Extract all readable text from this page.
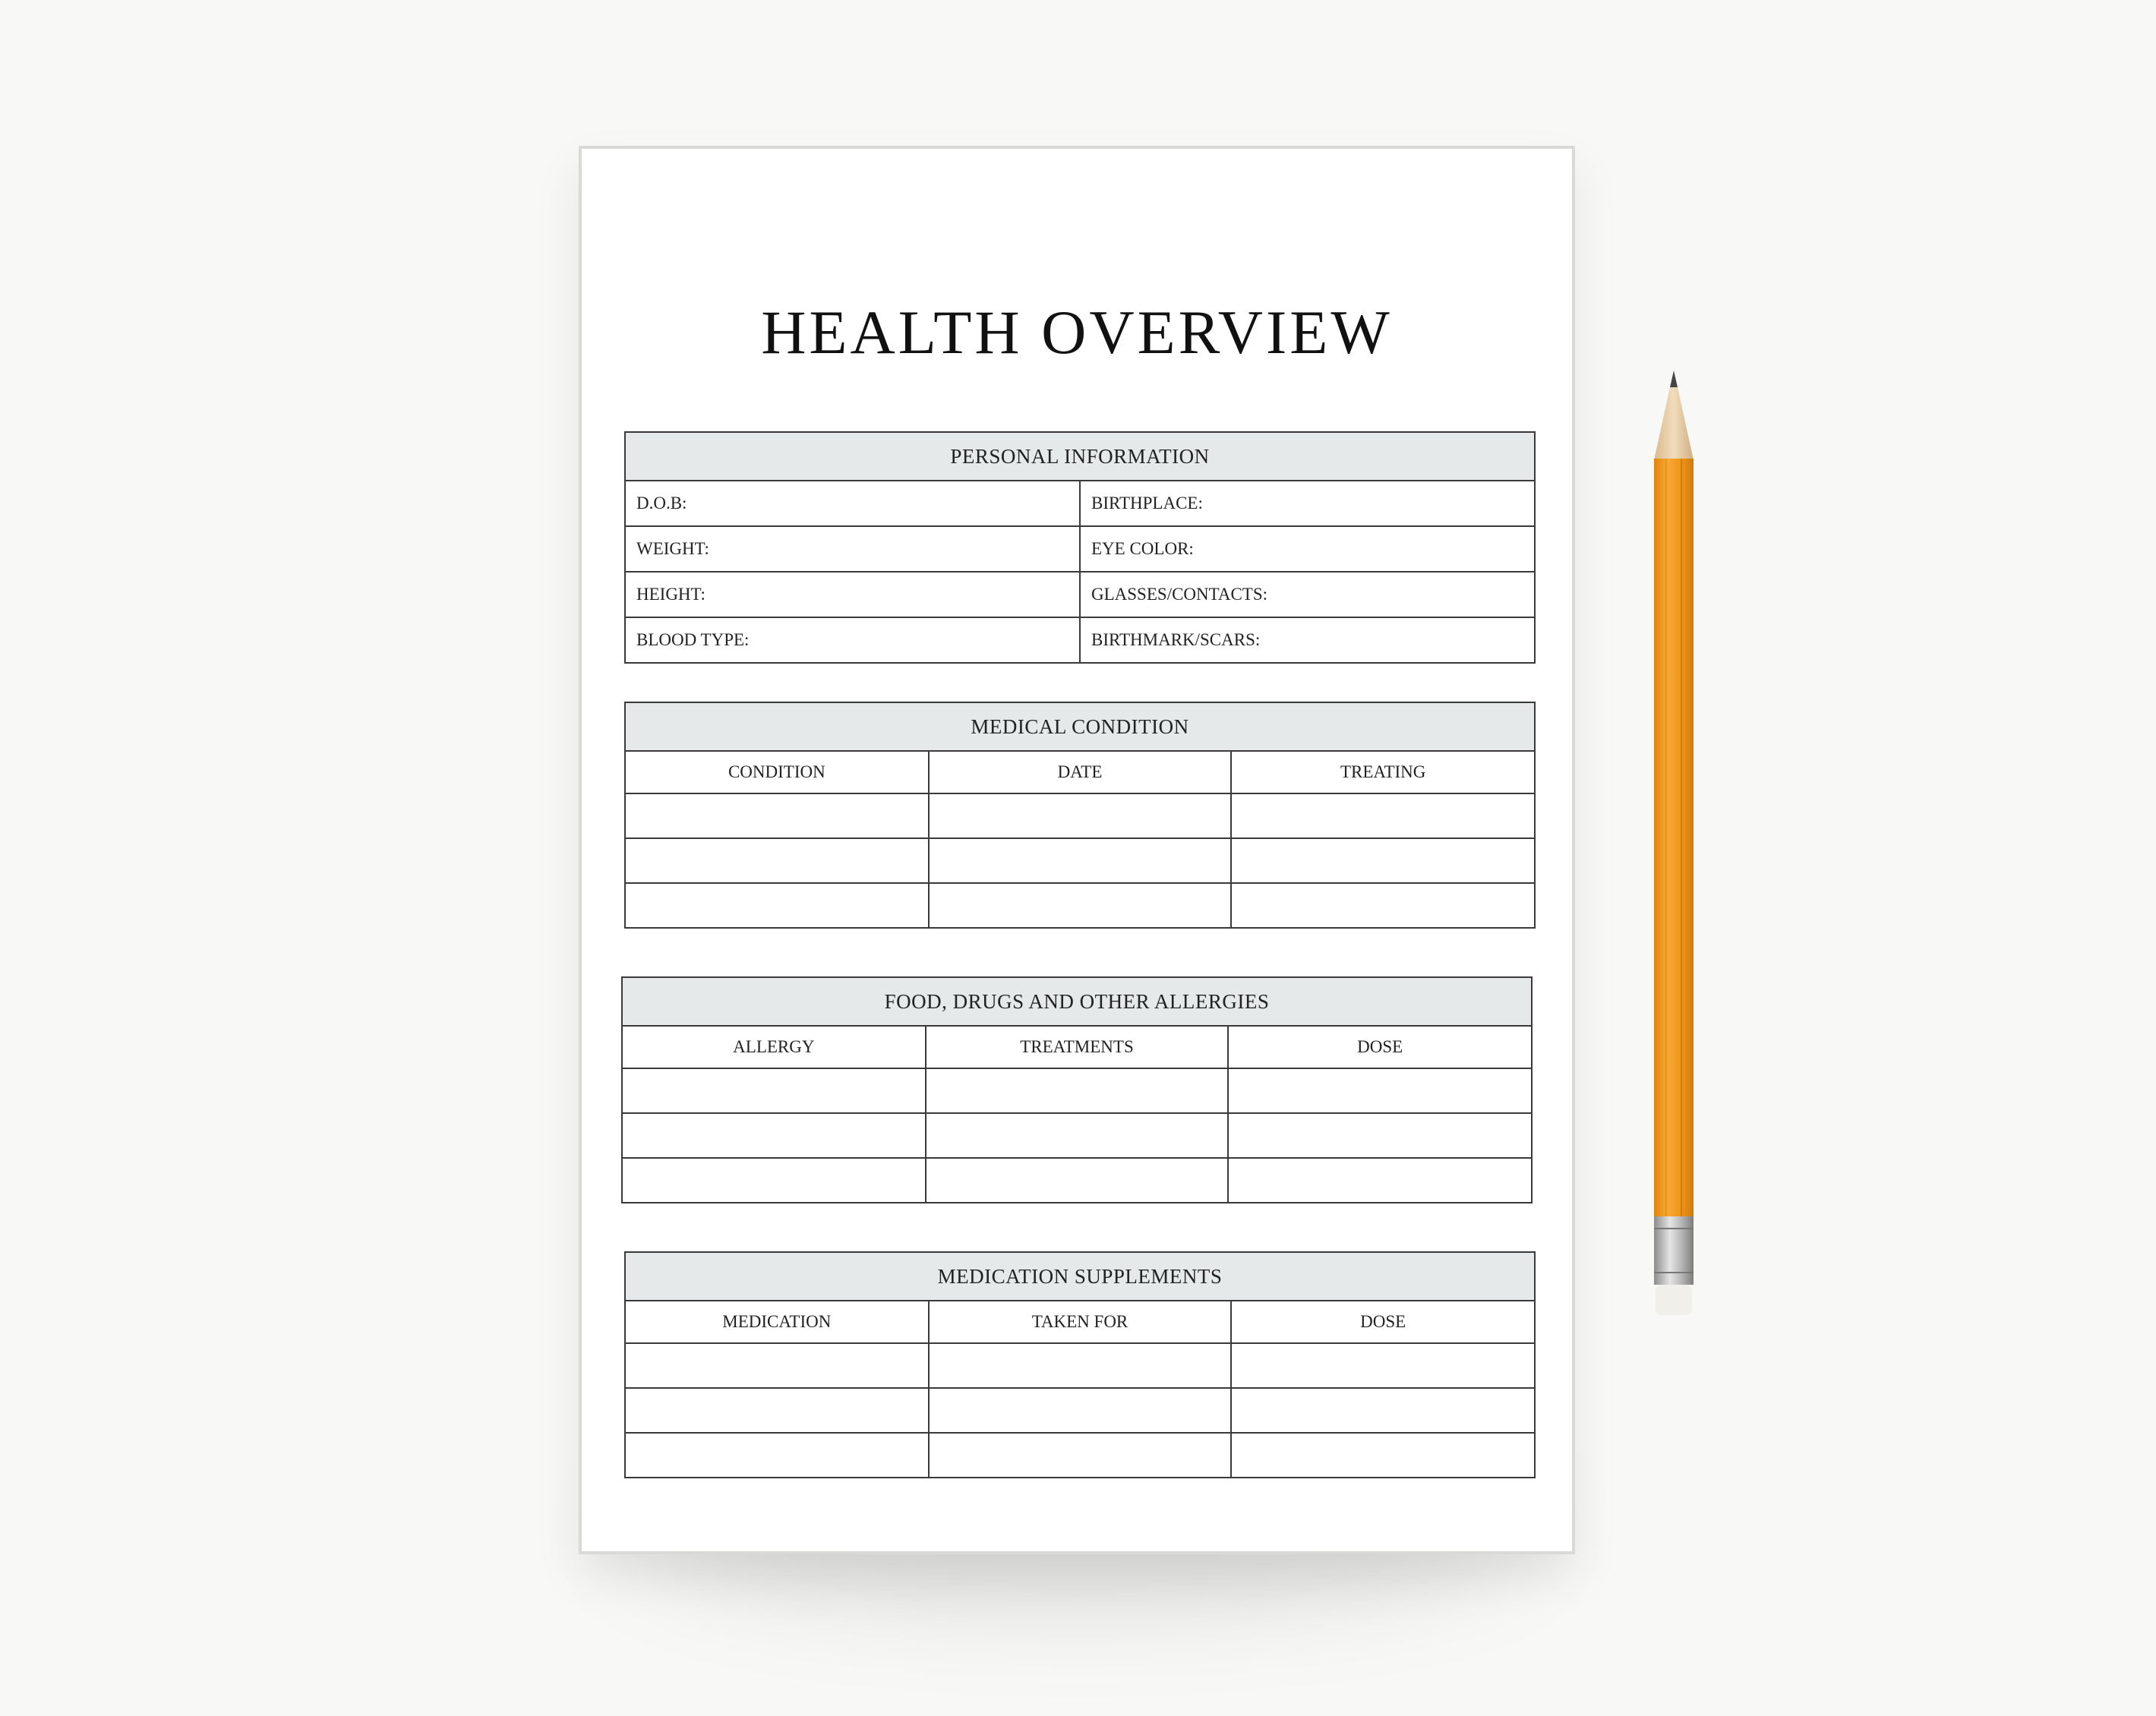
HEALTH OVERVIEW
PERSONAL INFORMATION
D.O.B:	BIRTHPLACE:
WEIGHT:	EYE COLOR:
HEIGHT:	GLASSES/CONTACTS:
BLOOD TYPE:	BIRTHMARK/SCARS:
MEDICAL CONDITION
CONDITION	DATE	TREATING

FOOD, DRUGS AND OTHER ALLERGIES
ALLERGY	TREATMENTS	DOSE

MEDICATION SUPPLEMENTS
MEDICATION	TAKEN FOR	DOSE
